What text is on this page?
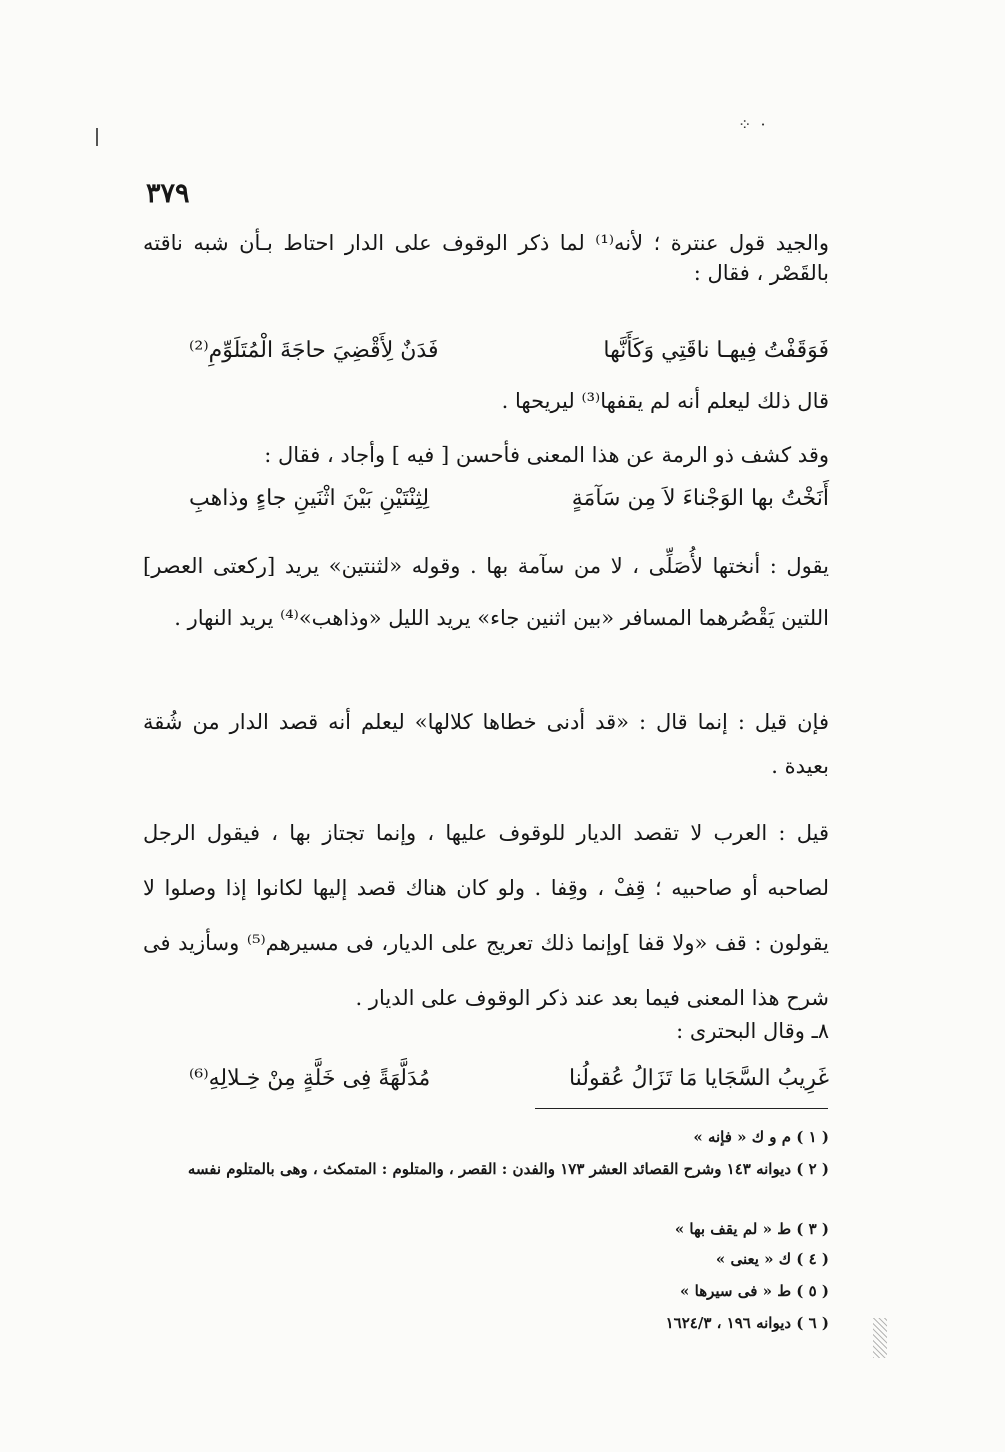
⁘ ·
٣٧٩
والجيد قول عنترة ؛ لأنه⁽¹⁾ لما ذكر الوقوف على الدار احتاط بـأن شبه ناقته بالقَصْر ، فقال :
فَوَقَفْتُ فِيهـا ناقَتِي وَكَأَنَّها
فَدَنٌ لِأَقْضِيَ حاجَةَ الْمُتَلَوِّمِ⁽²⁾
قال ذلك ليعلم أنه لم يقفها⁽³⁾ ليريحها .
وقد كشف ذو الرمة عن هذا المعنى فأحسن [ فيه ] وأجاد ، فقال :
أَنَخْتُ بها الوَجْناءَ لاَ مِن سَآمَةٍ
لِثِنْتَيْنِ بَيْنَ اثْنَينِ جاءٍ وذاهبِ
يقول : أنختها لأُصَلِّى ، لا من سآمة بها . وقوله «لثنتين» يريد [ركعتى العصر] اللتين يَقْصُرهما المسافر «بين اثنين جاء» يريد الليل «وذاهب»⁽⁴⁾ يريد النهار .
فإن قيل : إنما قال : «قد أدنى خطاها كلالها» ليعلم أنه قصد الدار من شُقة بعيدة .
قيل : العرب لا تقصد الديار للوقوف عليها ، وإنما تجتاز بها ، فيقول الرجل لصاحبه أو صاحبيه ؛ قِفْ ، وقِفا . ولو كان هناك قصد إليها لكانوا إذا وصلوا لا يقولون : قف «ولا قفا ]وإنما ذلك تعريج على الديار، فى مسيرهم⁽⁵⁾ وسأزيد فى شرح هذا المعنى فيما بعد عند ذكر الوقوف على الديار .
٨ـ وقال البحترى :
غَرِيبُ السَّجَايا مَا تَزَالُ عُقولُنا
مُدَلَّهَةً فِى خَلَّةٍ مِنْ خِـلالِهِ⁽⁶⁾
( ١ ) م و ك « فإنه »
( ٢ ) ديوانه ١٤٣ وشرح القصائد العشر ١٧٣ والفدن : القصر ، والمتلوم : المتمكث ، وهى بالمتلوم نفسه
( ٣ ) ط « لم يقف بها »
( ٤ ) ك « يعنى »
( ٥ ) ط « فى سيرها »
( ٦ ) ديوانه ١٩٦ ، ١٦٢٤/٣
